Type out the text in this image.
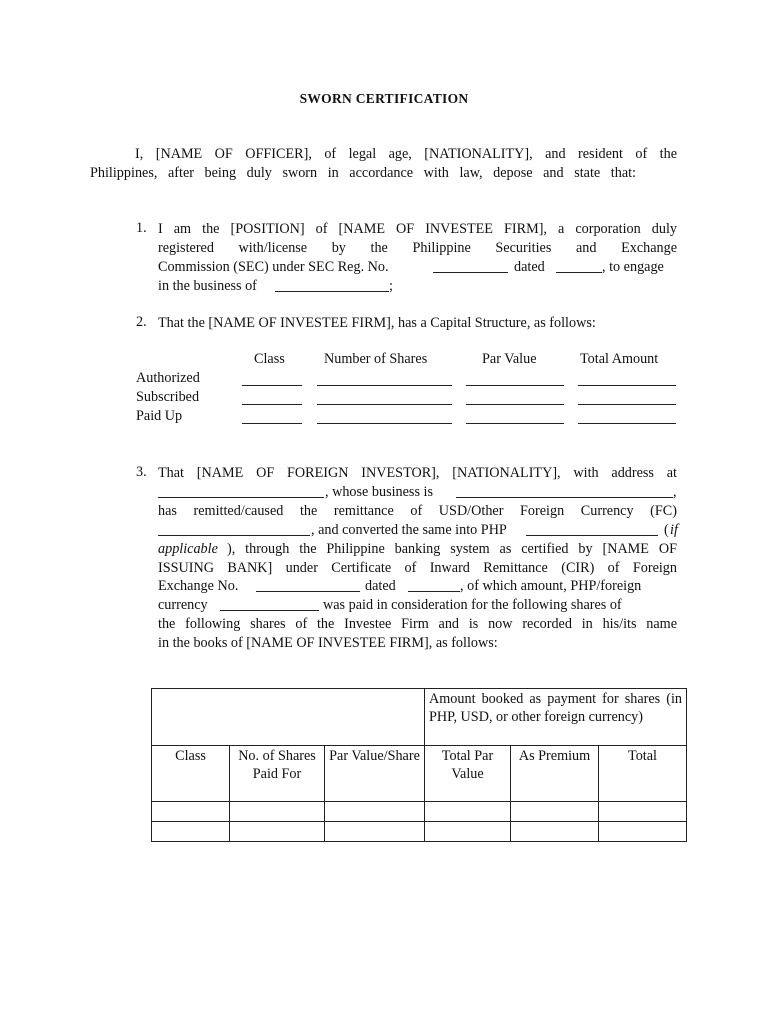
SWORN CERTIFICATION
I, [NAME OF OFFICER], of legal age, [NATIONALITY], and resident of the
Philippines, after being duly sworn in accordance with law, depose and state that:
1. I am the [POSITION] of [NAME OF INVESTEE FIRM], a corporation duly
registered with/license by the Philippine Securities and Exchange
Commission (SEC) under SEC Reg. No.	dated	, to engage
in the business of	;
2. That the [NAME OF INVESTEE FIRM], has a Capital Structure, as follows:
Class	Number of Shares	Par Value	Total Amount
Authorized
Subscribed
Paid Up
3. That [NAME OF FOREIGN INVESTOR], [NATIONALITY], with address at
, whose business is	,
has remitted/caused the remittance of USD/Other Foreign Currency (FC)
, and converted the same into PHP	( if
applicable ), through the Philippine banking system as certified by [NAME OF
ISSUING BANK] under Certificate of Inward Remittance (CIR) of Foreign
Exchange No.	dated	, of which amount, PHP/foreign
currency	was paid in consideration for the following shares of
the following shares of the Investee Firm and is now recorded in his/its name
in the books of [NAME OF INVESTEE FIRM], as follows:
			Amount booked as payment for shares (in PHP, USD, or other foreign currency)		
Class	No. of Shares Paid For	Par Value/Share	Total Par Value	As Premium	Total
